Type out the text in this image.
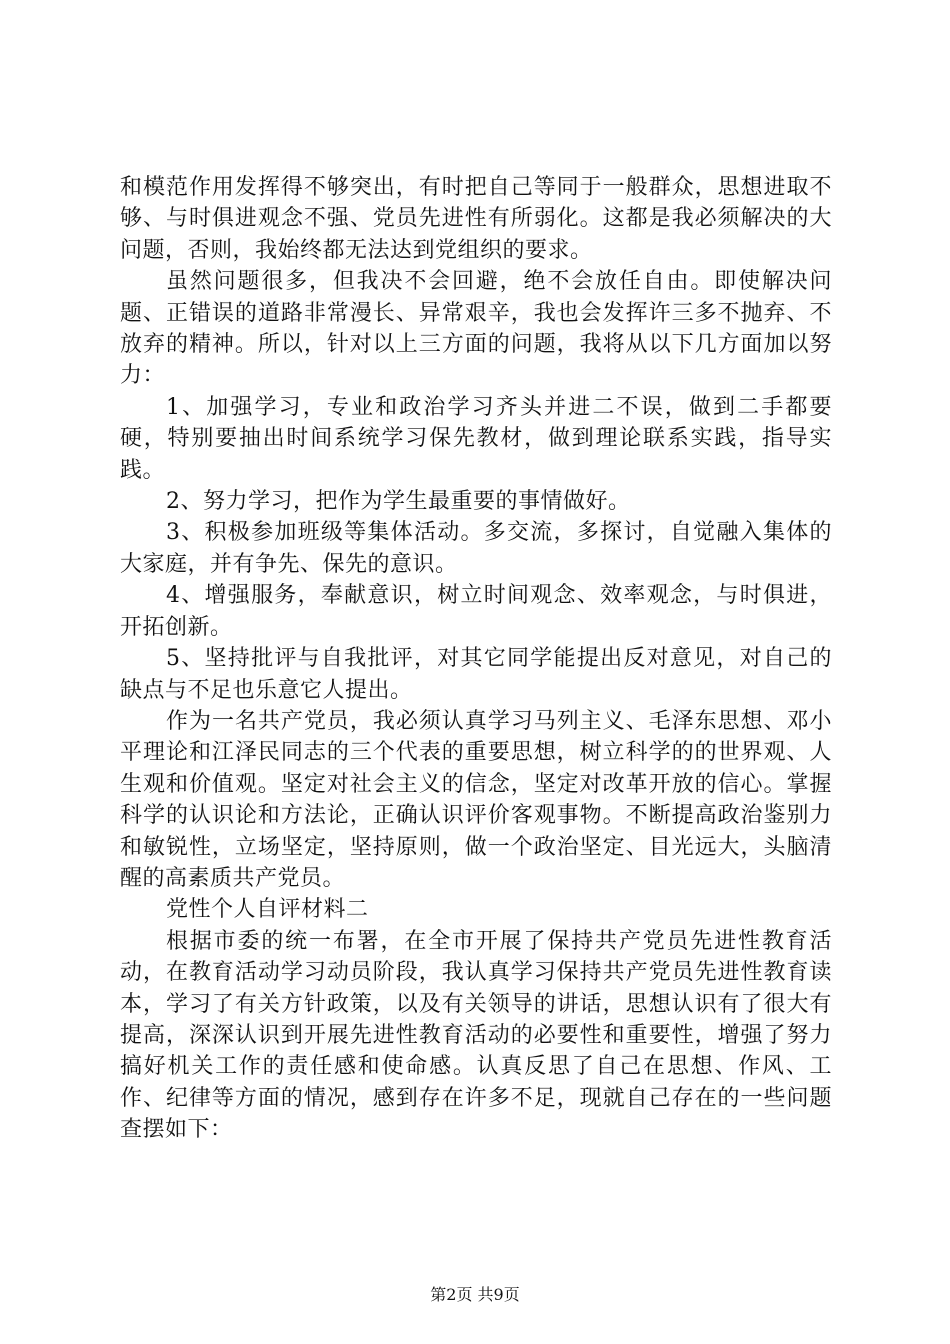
和模范作用发挥得不够突出，有时把自己等同于一般群众，思想进取不够、与时俱进观念不强、党员先进性有所弱化。这都是我必须解决的大问题，否则，我始终都无法达到党组织的要求。

虽然问题很多，但我决不会回避，绝不会放任自由。即使解决问题、正错误的道路非常漫长、异常艰辛，我也会发挥许三多不抛弃、不放弃的精神。所以，针对以上三方面的问题，我将从以下几方面加以努力：

1、加强学习，专业和政治学习齐头并进二不误，做到二手都要硬，特别要抽出时间系统学习保先教材，做到理论联系实践，指导实践。

2、努力学习，把作为学生最重要的事情做好。

3、积极参加班级等集体活动。多交流，多探讨，自觉融入集体的大家庭，并有争先、保先的意识。

4、增强服务，奉献意识，树立时间观念、效率观念，与时俱进，开拓创新。

5、坚持批评与自我批评，对其它同学能提出反对意见，对自己的缺点与不足也乐意它人提出。

作为一名共产党员，我必须认真学习马列主义、毛泽东思想、邓小平理论和江泽民同志的三个代表的重要思想，树立科学的的世界观、人生观和价值观。坚定对社会主义的信念，坚定对改革开放的信心。掌握科学的认识论和方法论，正确认识评价客观事物。不断提高政治鉴别力和敏锐性，立场坚定，坚持原则，做一个政治坚定、目光远大，头脑清醒的高素质共产党员。

党性个人自评材料二

根据市委的统一布署，在全市开展了保持共产党员先进性教育活动，在教育活动学习动员阶段，我认真学习保持共产党员先进性教育读本，学习了有关方针政策，以及有关领导的讲话，思想认识有了很大有提高，深深认识到开展先进性教育活动的必要性和重要性，增强了努力搞好机关工作的责任感和使命感。认真反思了自己在思想、作风、工作、纪律等方面的情况，感到存在许多不足，现就自己存在的一些问题查摆如下：

第2页 共9页
